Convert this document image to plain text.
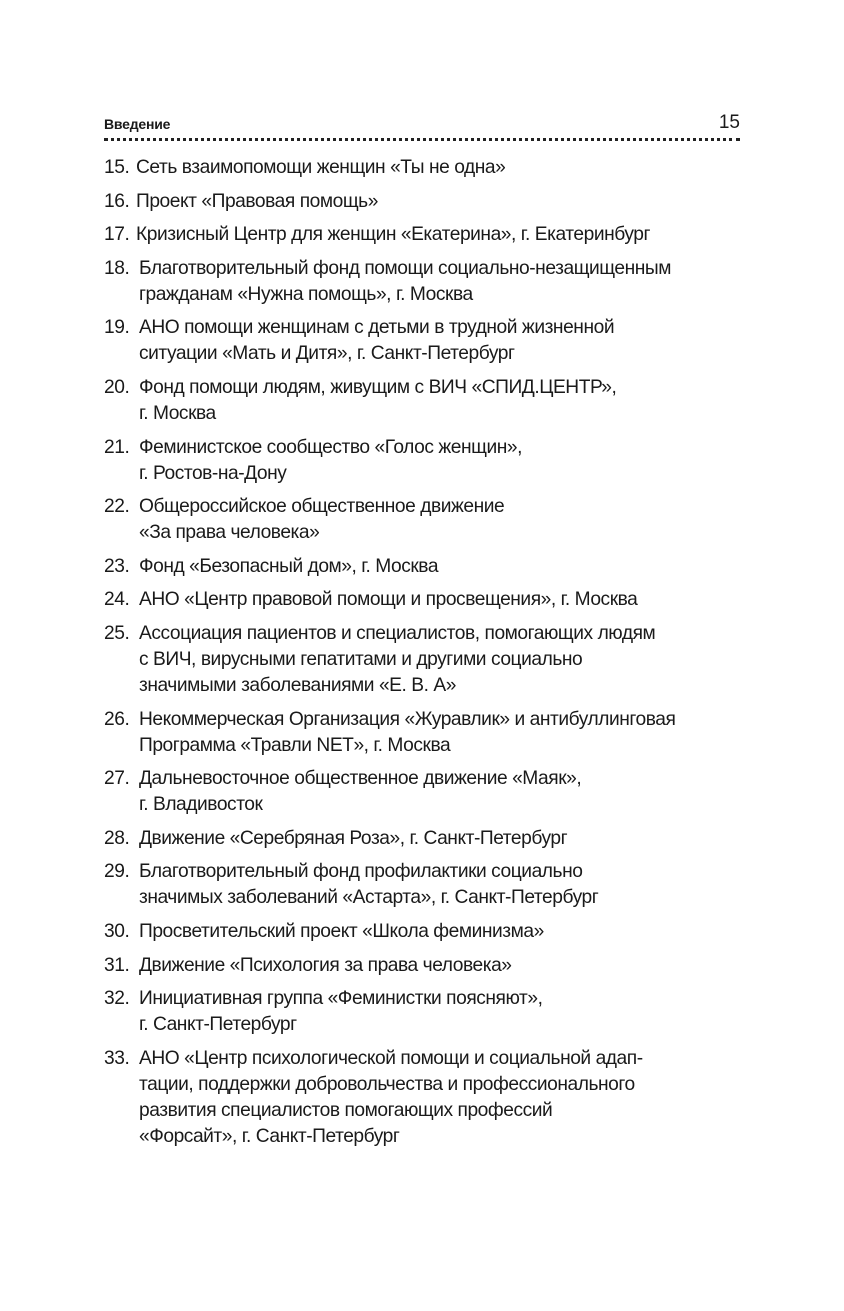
Введение	15
15. Сеть взаимопомощи женщин «Ты не одна»
16. Проект «Правовая помощь»
17. Кризисный Центр для женщин «Екатерина», г. Екатеринбург
18. Благотворительный фонд помощи социально-незащищенным
гражданам «Нужна помощь», г. Москва
19. АНО помощи женщинам с детьми в трудной жизненной
ситуации «Мать и Дитя», г. Санкт-Петербург
20. Фонд помощи людям, живущим с ВИЧ «СПИД.ЦЕНТР»,
г. Москва
21. Феминистское сообщество «Голос женщин»,
г. Ростов-на-Дону
22. Общероссийское общественное движение
«За права человека»
23. Фонд «Безопасный дом», г. Москва
24. АНО «Центр правовой помощи и просвещения», г. Москва
25. Ассоциация пациентов и специалистов, помогающих людям
с ВИЧ, вирусными гепатитами и другими социально
значимыми заболеваниями «Е. В. А»
26. Некоммерческая Организация «Журавлик» и антибуллинговая
Программа «Травли NET», г. Москва
27. Дальневосточное общественное движение «Маяк»,
г. Владивосток
28. Движение «Серебряная Роза», г. Санкт-Петербург
29. Благотворительный фонд профилактики социально
значимых заболеваний «Астарта», г. Санкт-Петербург
30. Просветительский проект «Школа феминизма»
31. Движение «Психология за права человека»
32. Инициативная группа «Феминистки поясняют»,
г. Санкт-Петербург
33. АНО «Центр психологической помощи и социальной адап-
тации, поддержки добровольчества и профессионального
развития специалистов помогающих профессий
«Форсайт», г. Санкт-Петербург
